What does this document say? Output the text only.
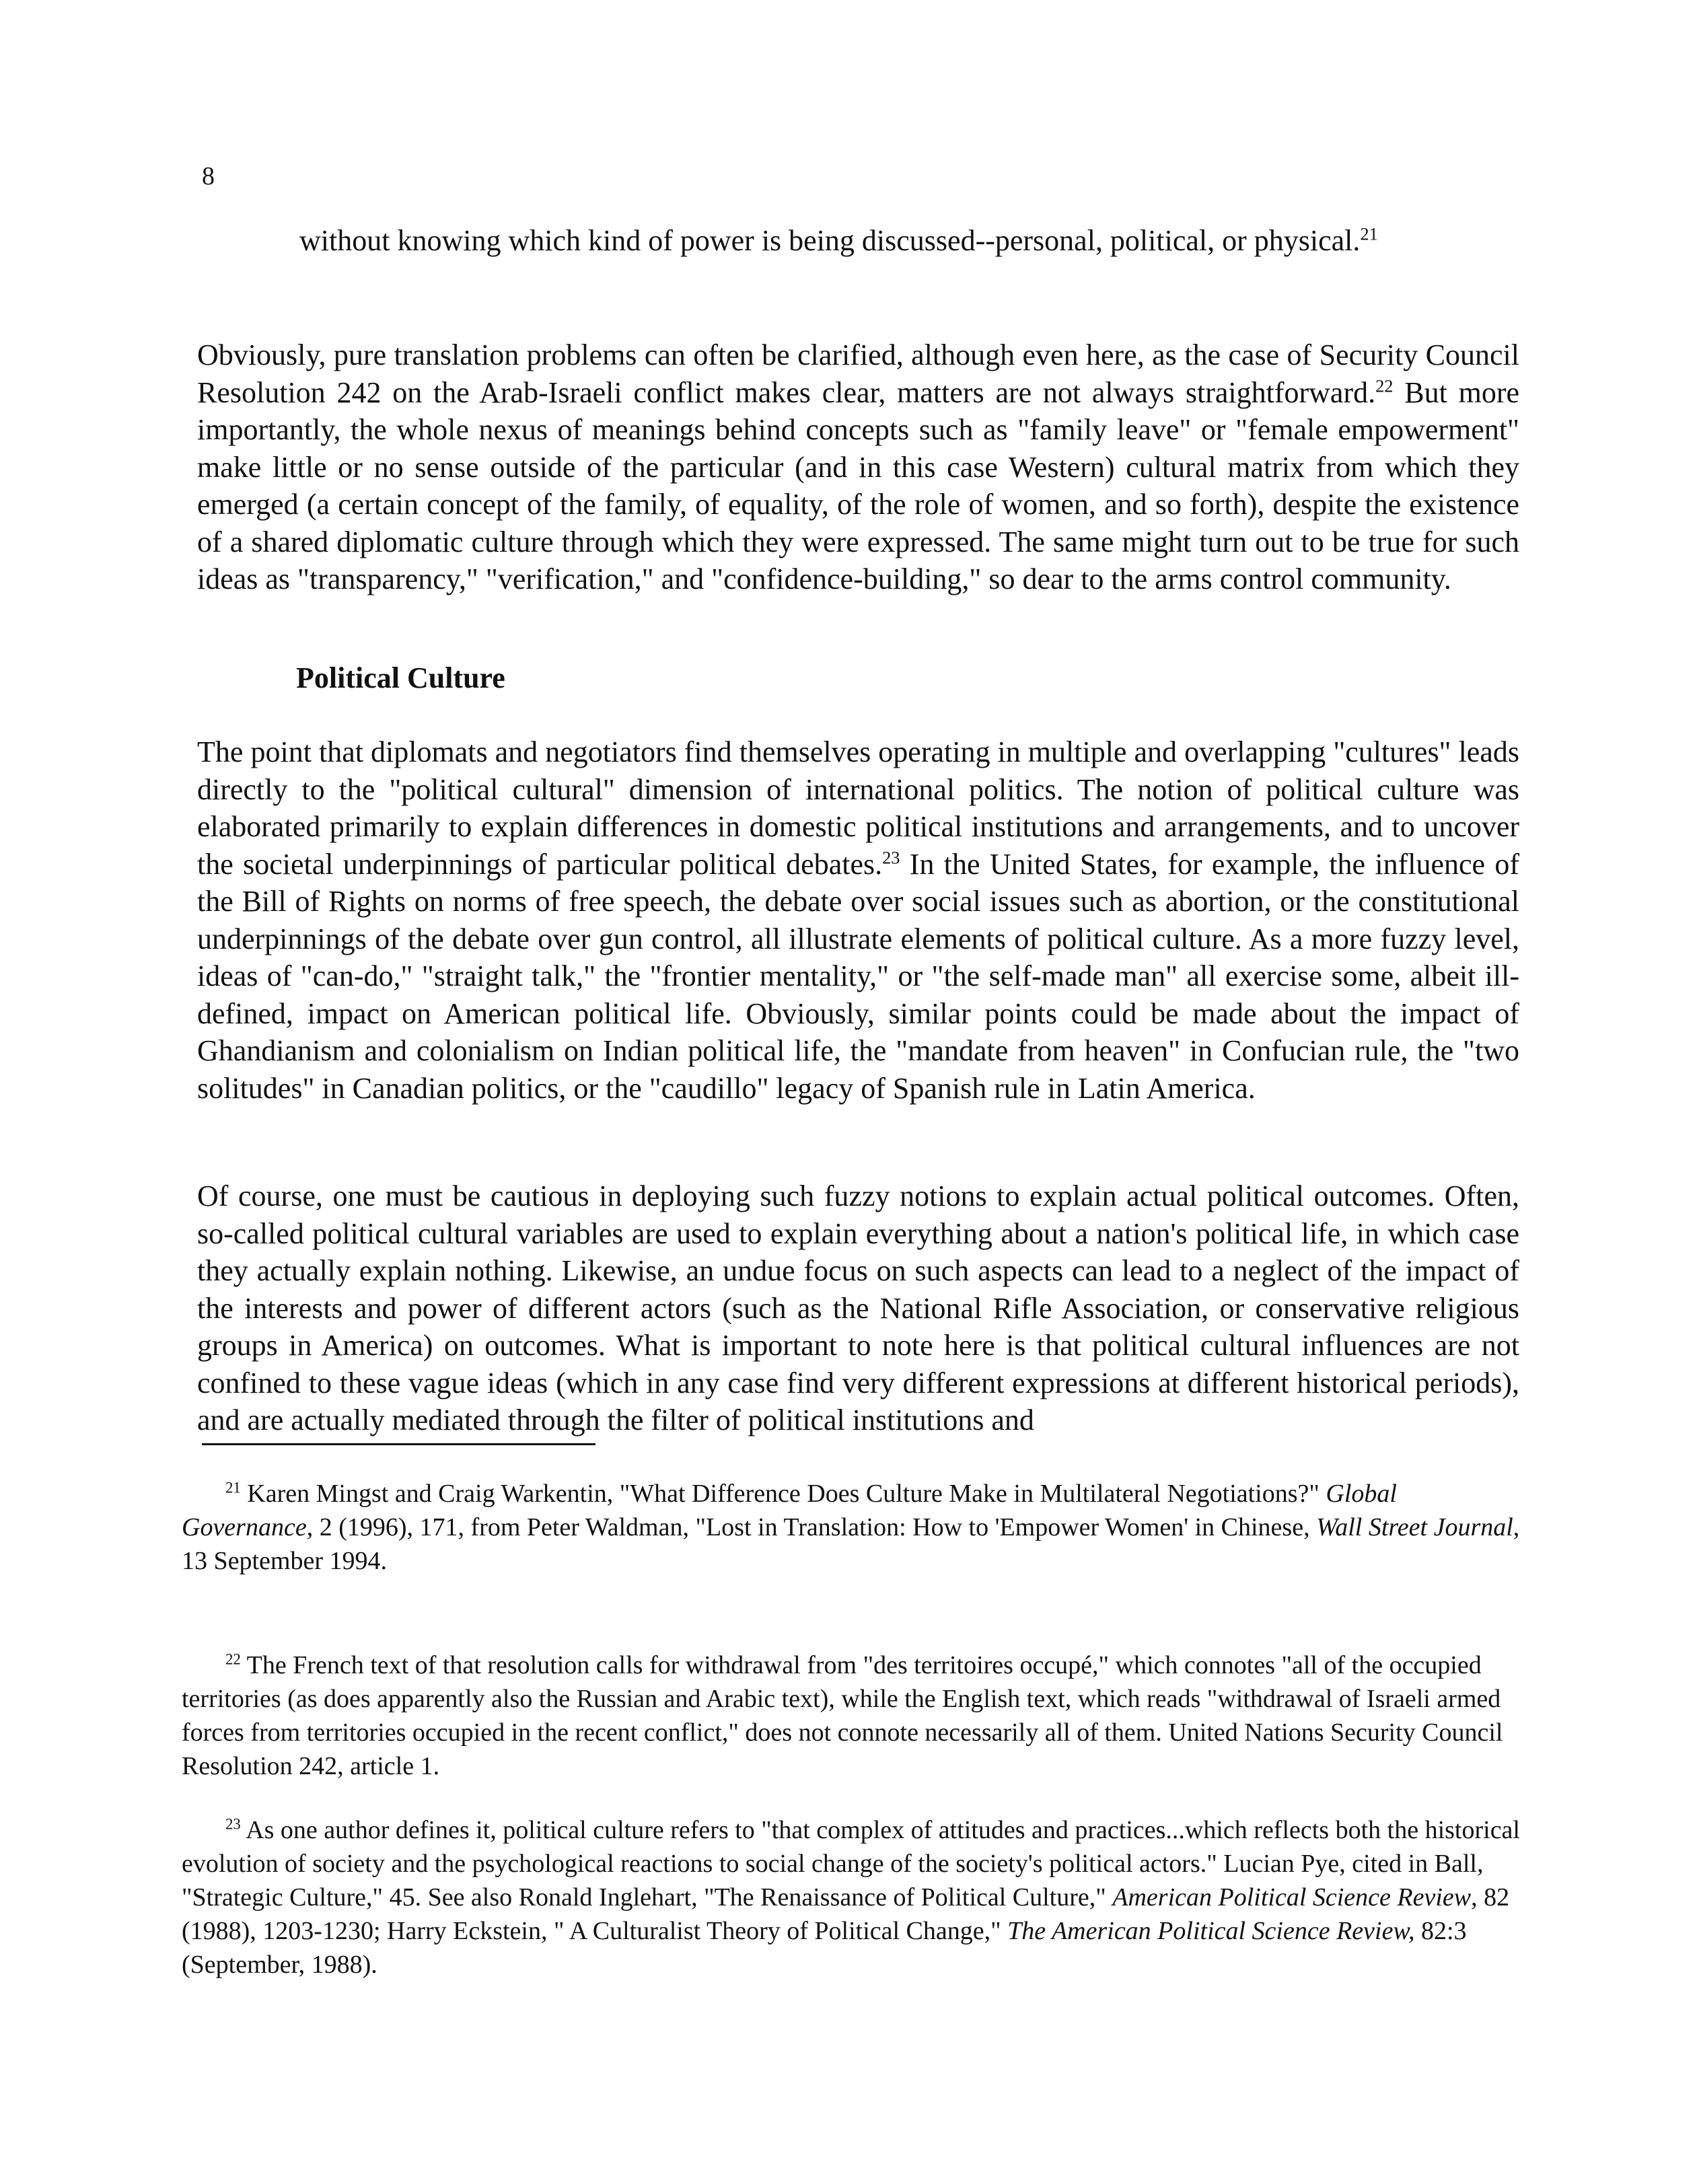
8

without knowing which kind of power is being discussed--personal, political, or physical.$^{21}$

Obviously, pure translation problems can often be clarified, although even here, as the case of Security Council Resolution 242 on the Arab-Israeli conflict makes clear, matters are not always straightforward.$^{22}$ But more importantly, the whole nexus of meanings behind concepts such as "family leave" or "female empowerment" make little or no sense outside of the particular (and in this case Western) cultural matrix from which they emerged (a certain concept of the family, of equality, of the role of women, and so forth), despite the existence of a shared diplomatic culture through which they were expressed. The same might turn out to be true for such ideas as "transparency," "verification," and "confidence-building," so dear to the arms control community.

Political Culture

The point that diplomats and negotiators find themselves operating in multiple and overlapping "cultures" leads directly to the "political cultural" dimension of international politics. The notion of political culture was elaborated primarily to explain differences in domestic political institutions and arrangements, and to uncover the societal underpinnings of particular political debates.$^{23}$ In the United States, for example, the influence of the Bill of Rights on norms of free speech, the debate over social issues such as abortion, or the constitutional underpinnings of the debate over gun control, all illustrate elements of political culture. As a more fuzzy level, ideas of "can-do," "straight talk," the "frontier mentality," or "the self-made man" all exercise some, albeit ill-defined, impact on American political life. Obviously, similar points could be made about the impact of Ghandianism and colonialism on Indian political life, the "mandate from heaven" in Confucian rule, the "two solitudes" in Canadian politics, or the "caudillo" legacy of Spanish rule in Latin America.

Of course, one must be cautious in deploying such fuzzy notions to explain actual political outcomes. Often, so-called political cultural variables are used to explain everything about a nation's political life, in which case they actually explain nothing. Likewise, an undue focus on such aspects can lead to a neglect of the impact of the interests and power of different actors (such as the National Rifle Association, or conservative religious groups in America) on outcomes. What is important to note here is that political cultural influences are not confined to these vague ideas (which in any case find very different expressions at different historical periods), and are actually mediated through the filter of political institutions and

$^{21}$ Karen Mingst and Craig Warkentin, "What Difference Does Culture Make in Multilateral Negotiations?" Global Governance, 2 (1996), 171, from Peter Waldman, "Lost in Translation: How to 'Empower Women' in Chinese, Wall Street Journal, 13 September 1994.

$^{22}$ The French text of that resolution calls for withdrawal from "des territoires occupé," which connotes "all of the occupied territories (as does apparently also the Russian and Arabic text), while the English text, which reads "withdrawal of Israeli armed forces from territories occupied in the recent conflict," does not connote necessarily all of them. United Nations Security Council Resolution 242, article 1.

$^{23}$ As one author defines it, political culture refers to "that complex of attitudes and practices...which reflects both the historical evolution of society and the psychological reactions to social change of the society's political actors." Lucian Pye, cited in Ball, "Strategic Culture," 45. See also Ronald Inglehart, "The Renaissance of Political Culture," American Political Science Review, 82 (1988), 1203-1230; Harry Eckstein, " A Culturalist Theory of Political Change," The American Political Science Review, 82:3 (September, 1988).
